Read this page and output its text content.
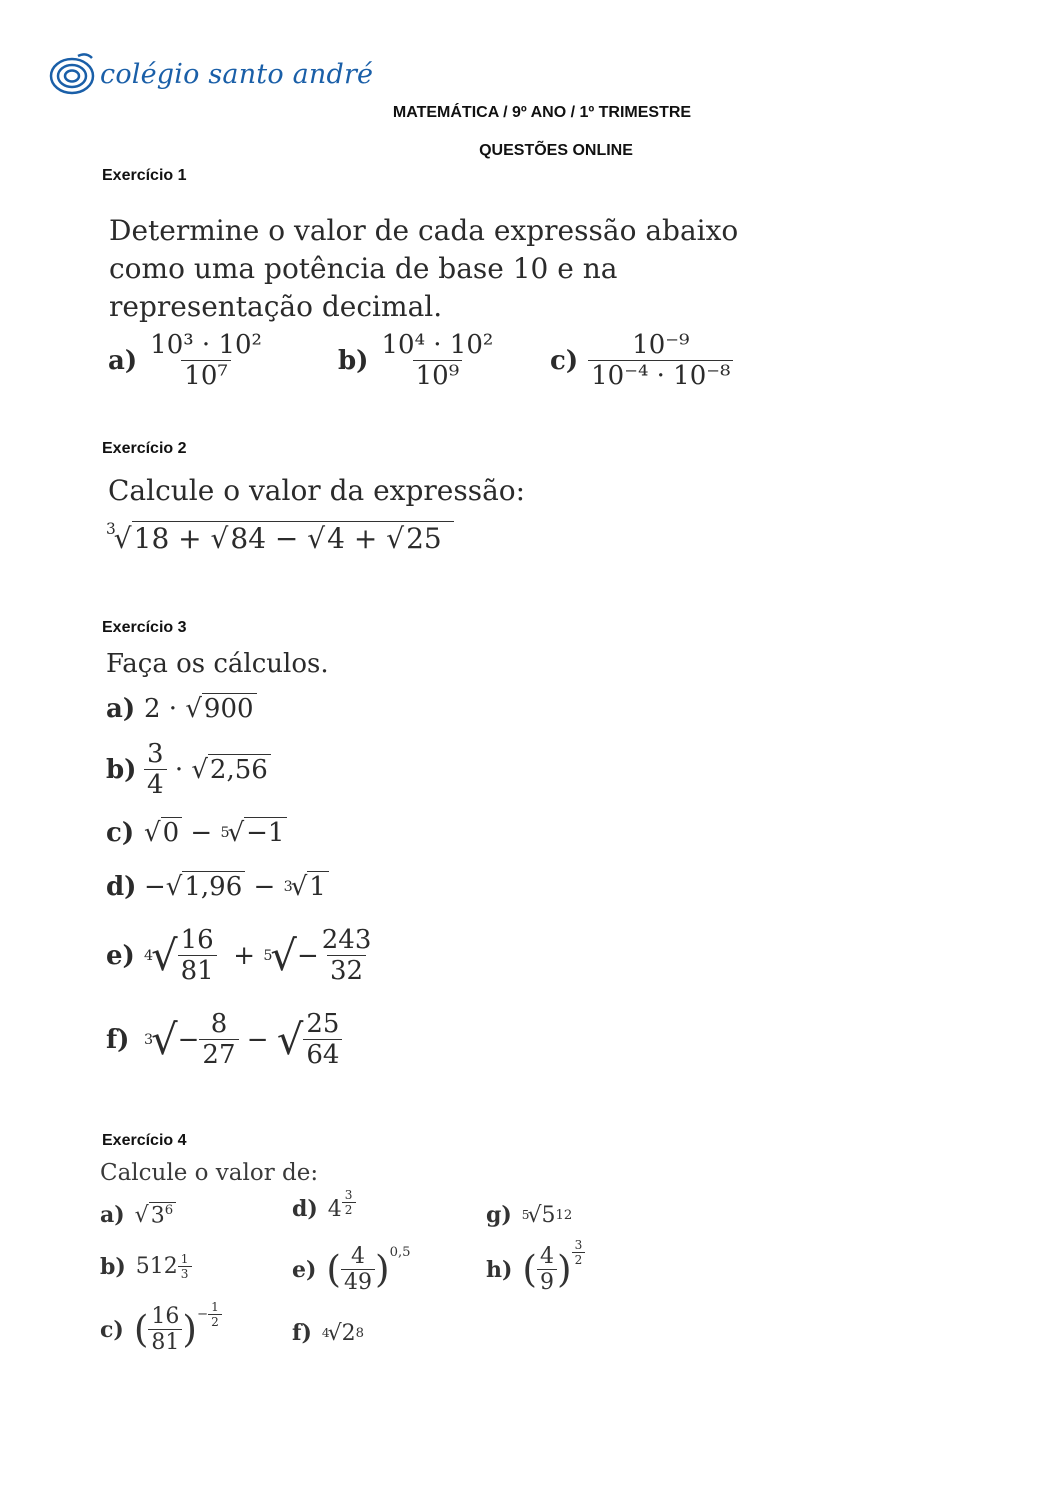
colégio santo andré
MATEMÁTICA / 9º ANO / 1º TRIMESTRE
QUESTÕES ONLINE
Exercício 1
Determine o valor de cada expressão abaixo como uma potência de base 10 e na representação decimal.
$a) \frac{\text{10³ · 10²}}{\text{10⁷}}$	$b) \frac{\text{10⁴ · 10²}}{\text{10⁹}} c) \frac{\text{10⁻⁹}}{\text{10⁻⁴ · 10⁻⁸}}$
Exercício 2
Calcule o valor da expressão:
$^3$√18 + √84 − √4 + √25
Exercício 3
Faça os cálculos.
a) 2 ·
√ 900
$b) \frac{3}{4}$
·
√ 2,56
c) √ 0
−
5
√ −1
d) − √ 1,96
−
3
√ 1
e) 4
√ $\frac{16}{81}$
+
5
√ − $\frac{243}{32}$
f)	3
√ − $\frac{8}{27}$
−
√ $\frac{25}{64}$
Exercício 4
Calcule o valor de:
a) √ $3^6$
b) $512 \frac{1}{3}$
c) ( $\frac{16}{81}$ ) − $\frac{1}{2}$
d) $4 \frac{3}{2}$
e) ( $\frac{4}{49}$ ) 0,5
f) 4
√ 2 8
g) 5
√ 5 12
h) ( $\frac{4}{9}$ ) $\frac{3}{2}$
